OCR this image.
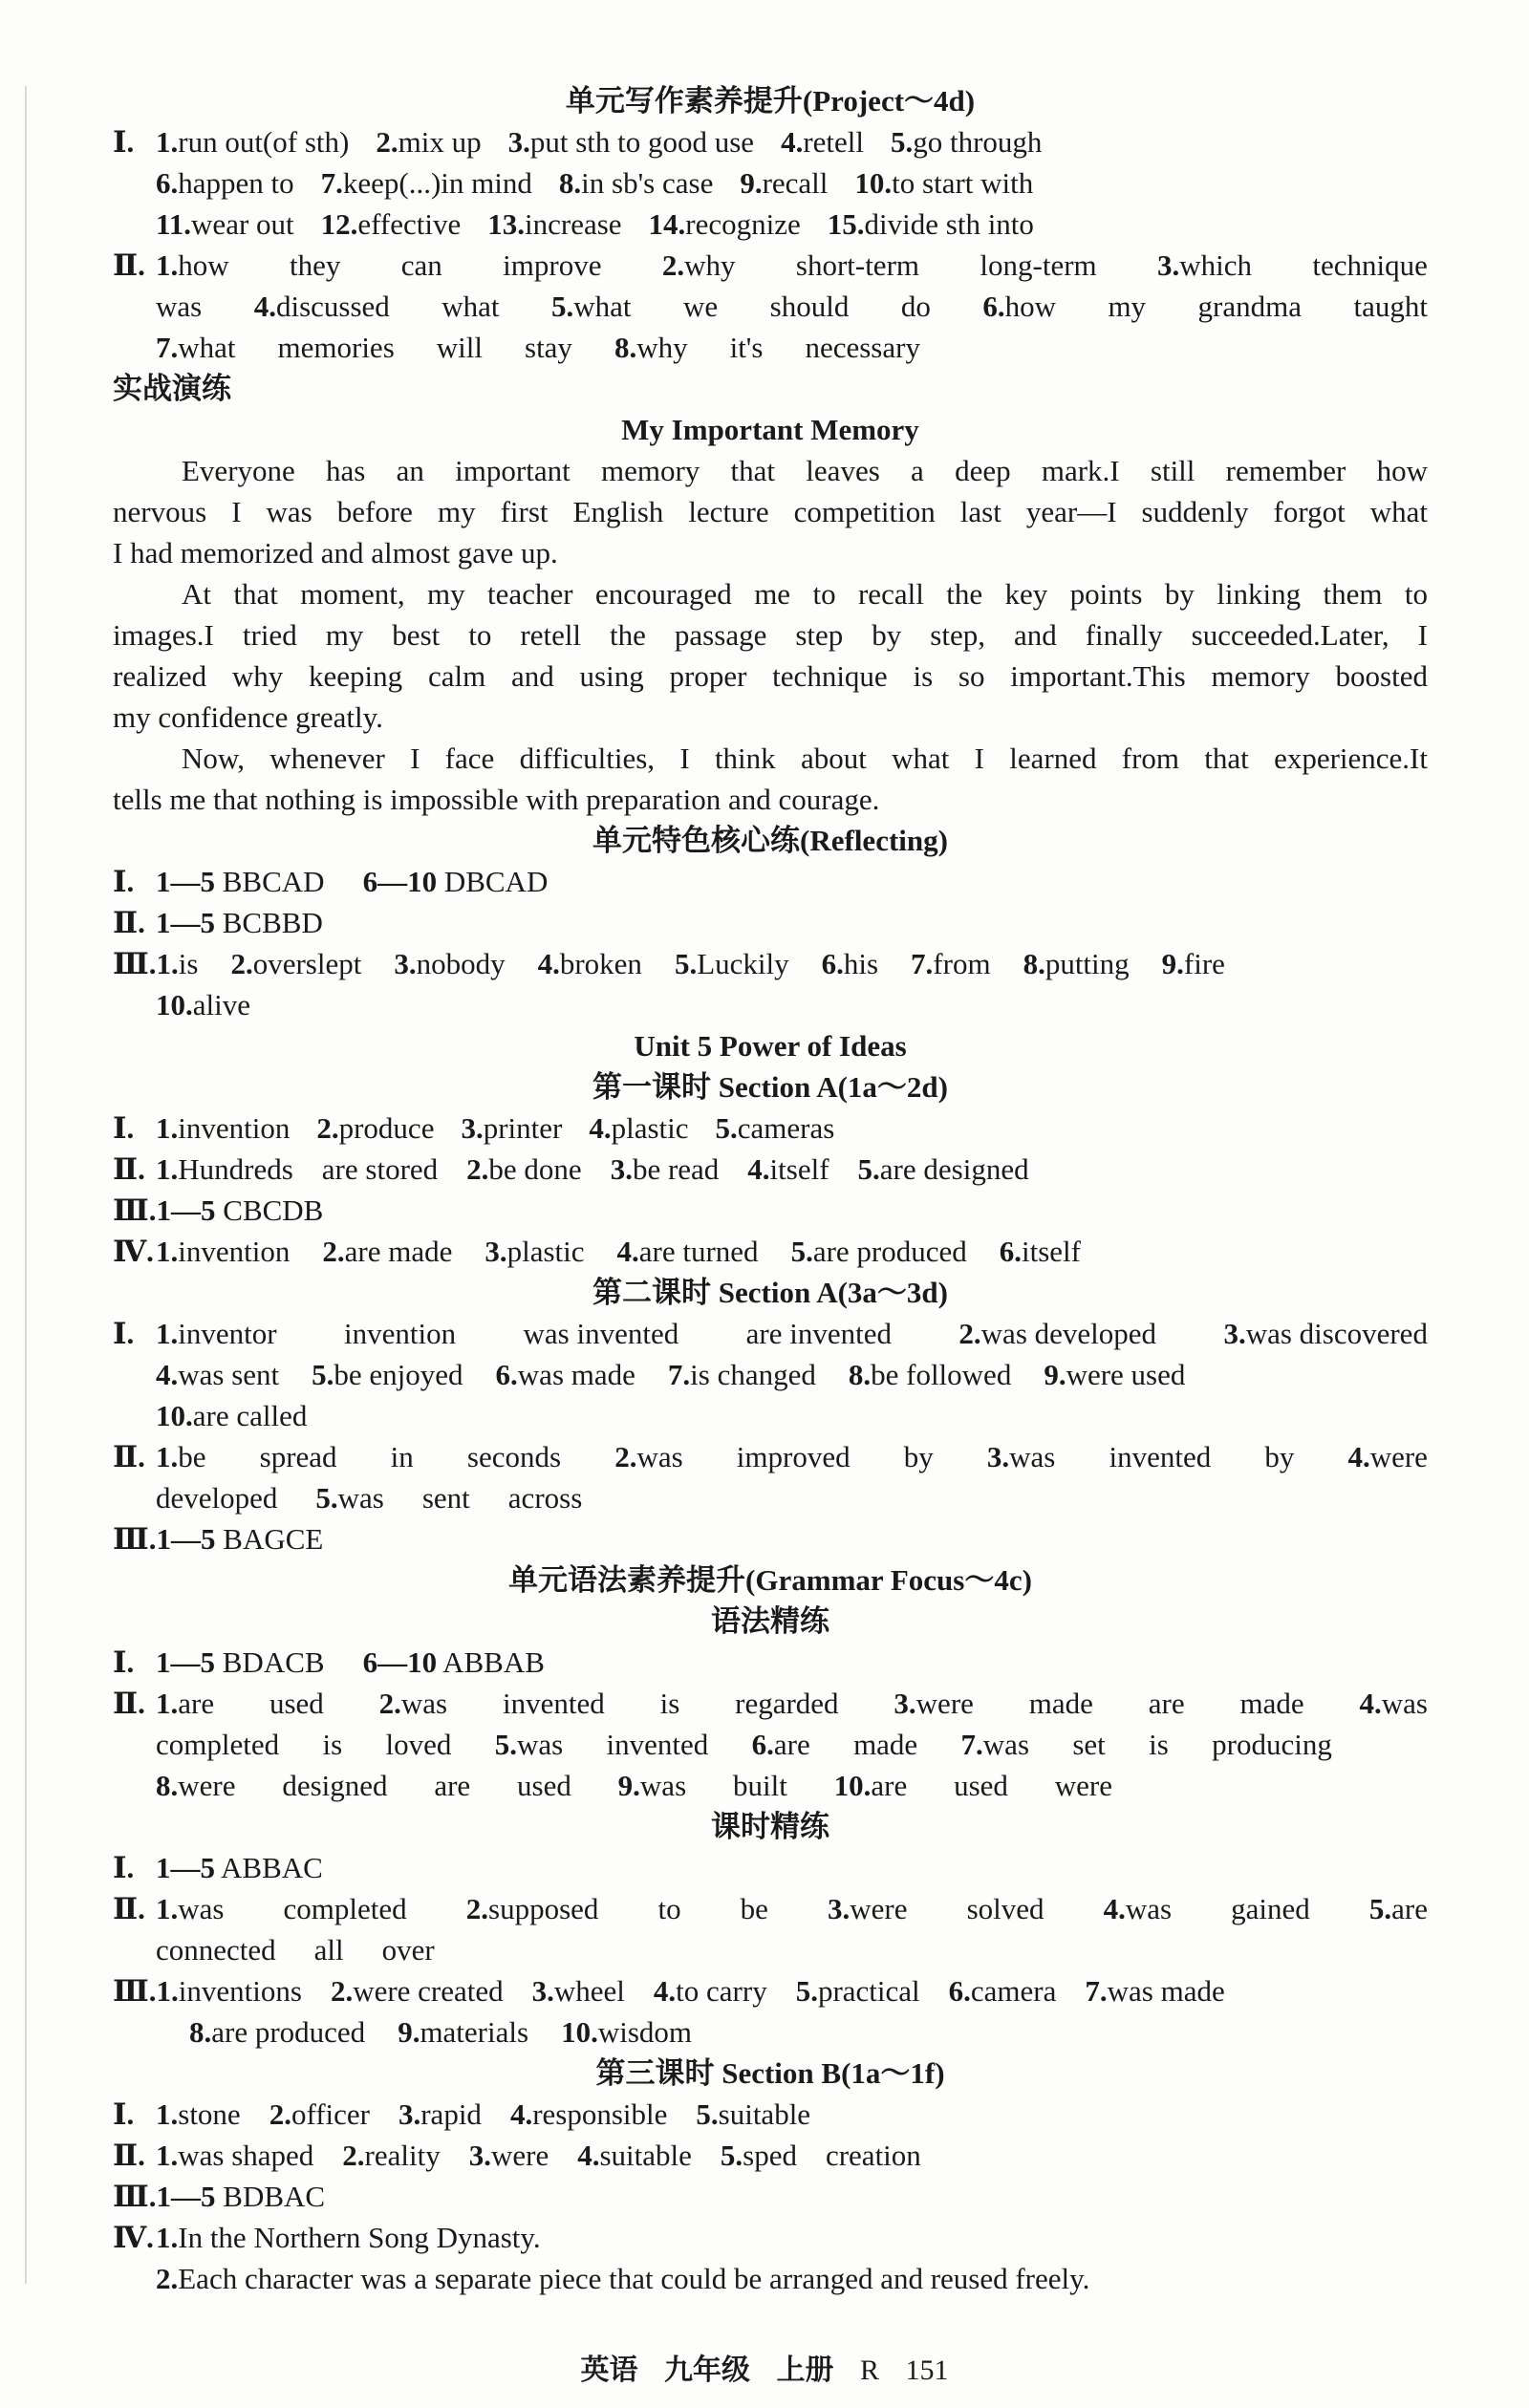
单元写作素养提升(Project～4d)
Ⅰ. 1.run out(of sth) 2.mix up 3.put sth to good use 4.retell 5.go through
6.happen to 7.keep(...)in mind 8.in sb's case 9.recall 10.to start with
11.wear out 12.effective 13.increase 14.recognize 15.divide sth into
Ⅱ. 1.how they can improve 2.why short-term long-term 3.which technique
was 4.discussed what 5.what we should do 6.how my grandma taught
7.what memories will stay 8.why it's necessary
实战演练
My Important Memory
Everyone has an important memory that leaves a deep mark.I still remember how
nervous I was before my first English lecture competition last year—I suddenly forgot what
I had memorized and almost gave up.
At that moment, my teacher encouraged me to recall the key points by linking them to
images.I tried my best to retell the passage step by step, and finally succeeded.Later, I
realized why keeping calm and using proper technique is so important.This memory boosted
my confidence greatly.
Now, whenever I face difficulties, I think about what I learned from that experience.It
tells me that nothing is impossible with preparation and courage.
单元特色核心练(Reflecting)
Ⅰ. 1—5 BBCAD 6—10 DBCAD
Ⅱ. 1—5 BCBBD
Ⅲ.1.is 2.overslept 3.nobody 4.broken 5.Luckily 6.his 7.from 8.putting 9.fire
10.alive
Unit 5 Power of Ideas
第一课时 Section A(1a～2d)
Ⅰ. 1.invention 2.produce 3.printer 4.plastic 5.cameras
Ⅱ. 1.Hundreds are stored 2.be done 3.be read 4.itself 5.are designed
Ⅲ.1—5 CBCDB
Ⅳ.1.invention 2.are made 3.plastic 4.are turned 5.are produced 6.itself
第二课时 Section A(3a～3d)
Ⅰ. 1.inventor invention was invented are invented 2.was developed 3.was discovered
4.was sent 5.be enjoyed 6.was made 7.is changed 8.be followed 9.were used
10.are called
Ⅱ. 1.be spread in seconds 2.was improved by 3.was invented by 4.were
developed 5.was sent across
Ⅲ.1—5 BAGCE
单元语法素养提升(Grammar Focus～4c)
语法精练
Ⅰ. 1—5 BDACB 6—10 ABBAB
Ⅱ. 1.are used 2.was invented is regarded 3.were made are made 4.was
completed is loved 5.was invented 6.are made 7.was set is producing
8.were designed are used 9.was built 10.are used were
课时精练
Ⅰ. 1—5 ABBAC
Ⅱ. 1.was completed 2.supposed to be 3.were solved 4.was gained 5.are
connected all over
Ⅲ.1.inventions 2.were created 3.wheel 4.to carry 5.practical 6.camera 7.was made
8.are produced 9.materials 10.wisdom
第三课时 Section B(1a～1f)
Ⅰ. 1.stone 2.officer 3.rapid 4.responsible 5.suitable
Ⅱ. 1.was shaped 2.reality 3.were 4.suitable 5.sped creation
Ⅲ.1—5 BDBAC
Ⅳ.1.In the Northern Song Dynasty.
2.Each character was a separate piece that could be arranged and reused freely.
英语 九年级 上册 R 151
